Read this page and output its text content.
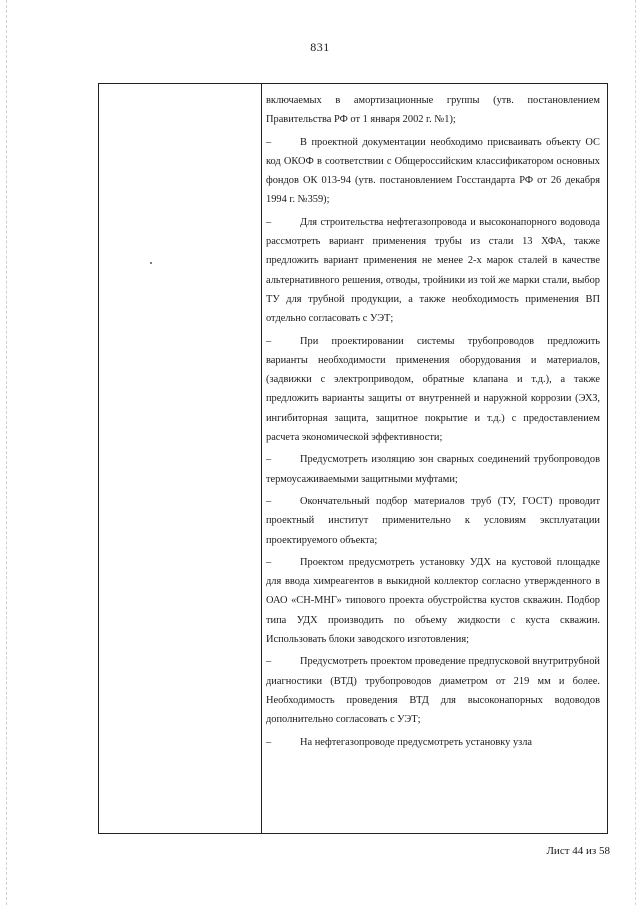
831

включаемых в амортизационные группы (утв. постановлением Правительства РФ от 1 января 2002 г. №1);

–	В проектной документации необходимо присваивать объекту ОС код ОКОФ в соответствии с Общероссийским классификатором основных фондов ОК 013-94 (утв. постановлением Госстандарта РФ от 26 декабря 1994 г. №359);

–	Для строительства нефтегазопровода и высоконапорного водовода рассмотреть вариант применения трубы из стали 13 ХФА, также предложить вариант применения не менее 2-х марок сталей в качестве альтернативного решения, отводы, тройники из той же марки стали, выбор ТУ для трубной продукции, а также необходимость применения ВП отдельно согласовать с УЭТ;

–	При проектировании системы трубопроводов предложить варианты необходимости применения оборудования и материалов, (задвижки с электроприводом, обратные клапана и т.д.), а также предложить варианты защиты от внутренней и наружной коррозии (ЭХЗ, ингибиторная защита, защитное покрытие и т.д.) с предоставлением расчета экономической эффективности;

–	Предусмотреть изоляцию зон сварных соединений трубопроводов термоусаживаемыми защитными муфтами;

–	Окончательный подбор материалов труб (ТУ, ГОСТ) проводит проектный институт применительно к условиям эксплуатации проектируемого объекта;

–	Проектом предусмотреть установку УДХ на кустовой площадке для ввода химреагентов в выкидной коллектор согласно утвержденного в ОАО «СН-МНГ» типового проекта обустройства кустов скважин. Подбор типа УДХ производить по объему жидкости с куста скважин. Использовать блоки заводского изготовления;

–	Предусмотреть проектом проведение предпусковой внутритрубной диагностики (ВТД) трубопроводов диаметром от 219 мм и более. Необходимость проведения ВТД для высоконапорных водоводов дополнительно согласовать с УЭТ;

–	На нефтегазопроводе предусмотреть установку узла

Лист 44 из 58
